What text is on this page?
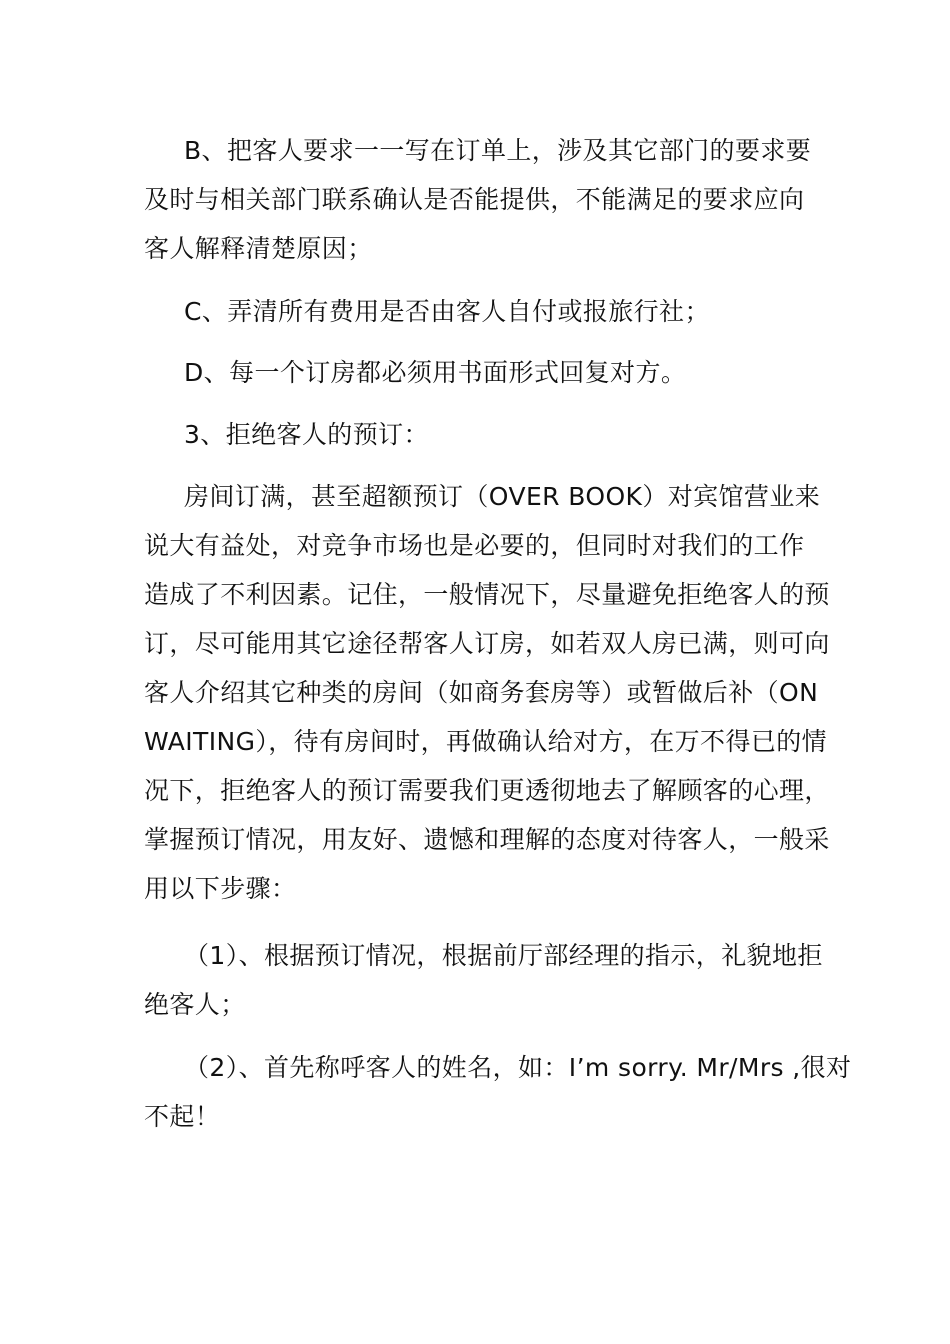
B、把客人要求一一写在订单上，涉及其它部门的要求要
及时与相关部门联系确认是否能提供，不能满足的要求应向
客人解释清楚原因；

C、弄清所有费用是否由客人自付或报旅行社；

D、每一个订房都必须用书面形式回复对方。

3、拒绝客人的预订：

房间订满，甚至超额预订（OVER BOOK）对宾馆营业来
说大有益处，对竞争市场也是必要的，但同时对我们的工作
造成了不利因素。记住，一般情况下，尽量避免拒绝客人的预
订，尽可能用其它途径帮客人订房，如若双人房已满，则可向
客人介绍其它种类的房间（如商务套房等）或暂做后补（ON
WAITING），待有房间时，再做确认给对方，在万不得已的情
况下，拒绝客人的预订需要我们更透彻地去了解顾客的心理，
掌握预订情况，用友好、遗憾和理解的态度对待客人，一般采
用以下步骤：

（1）、根据预订情况，根据前厅部经理的指示，礼貌地拒
绝客人；

（2）、首先称呼客人的姓名，如：I’m sorry. Mr/Mrs ,很对
不起！
